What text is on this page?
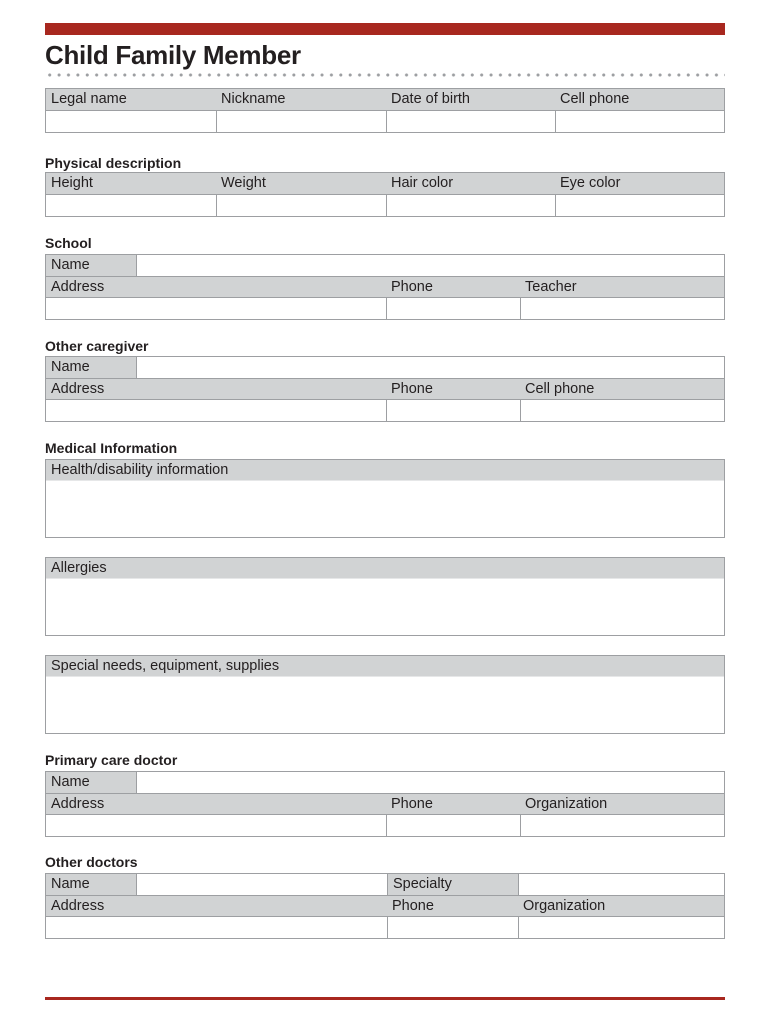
Child Family Member
Legal name	Nickname	Date of birth	Cell phone
Physical description
Height	Weight	Hair color	Eye color
School
Name
Address	Phone	Teacher
Other caregiver
Name
Address	Phone	Cell phone
Medical Information
Health/disability information
Allergies
Special needs, equipment, supplies
Primary care doctor
Name
Address	Phone	Organization
Other doctors
Name	Specialty
Address	Phone	Organization
